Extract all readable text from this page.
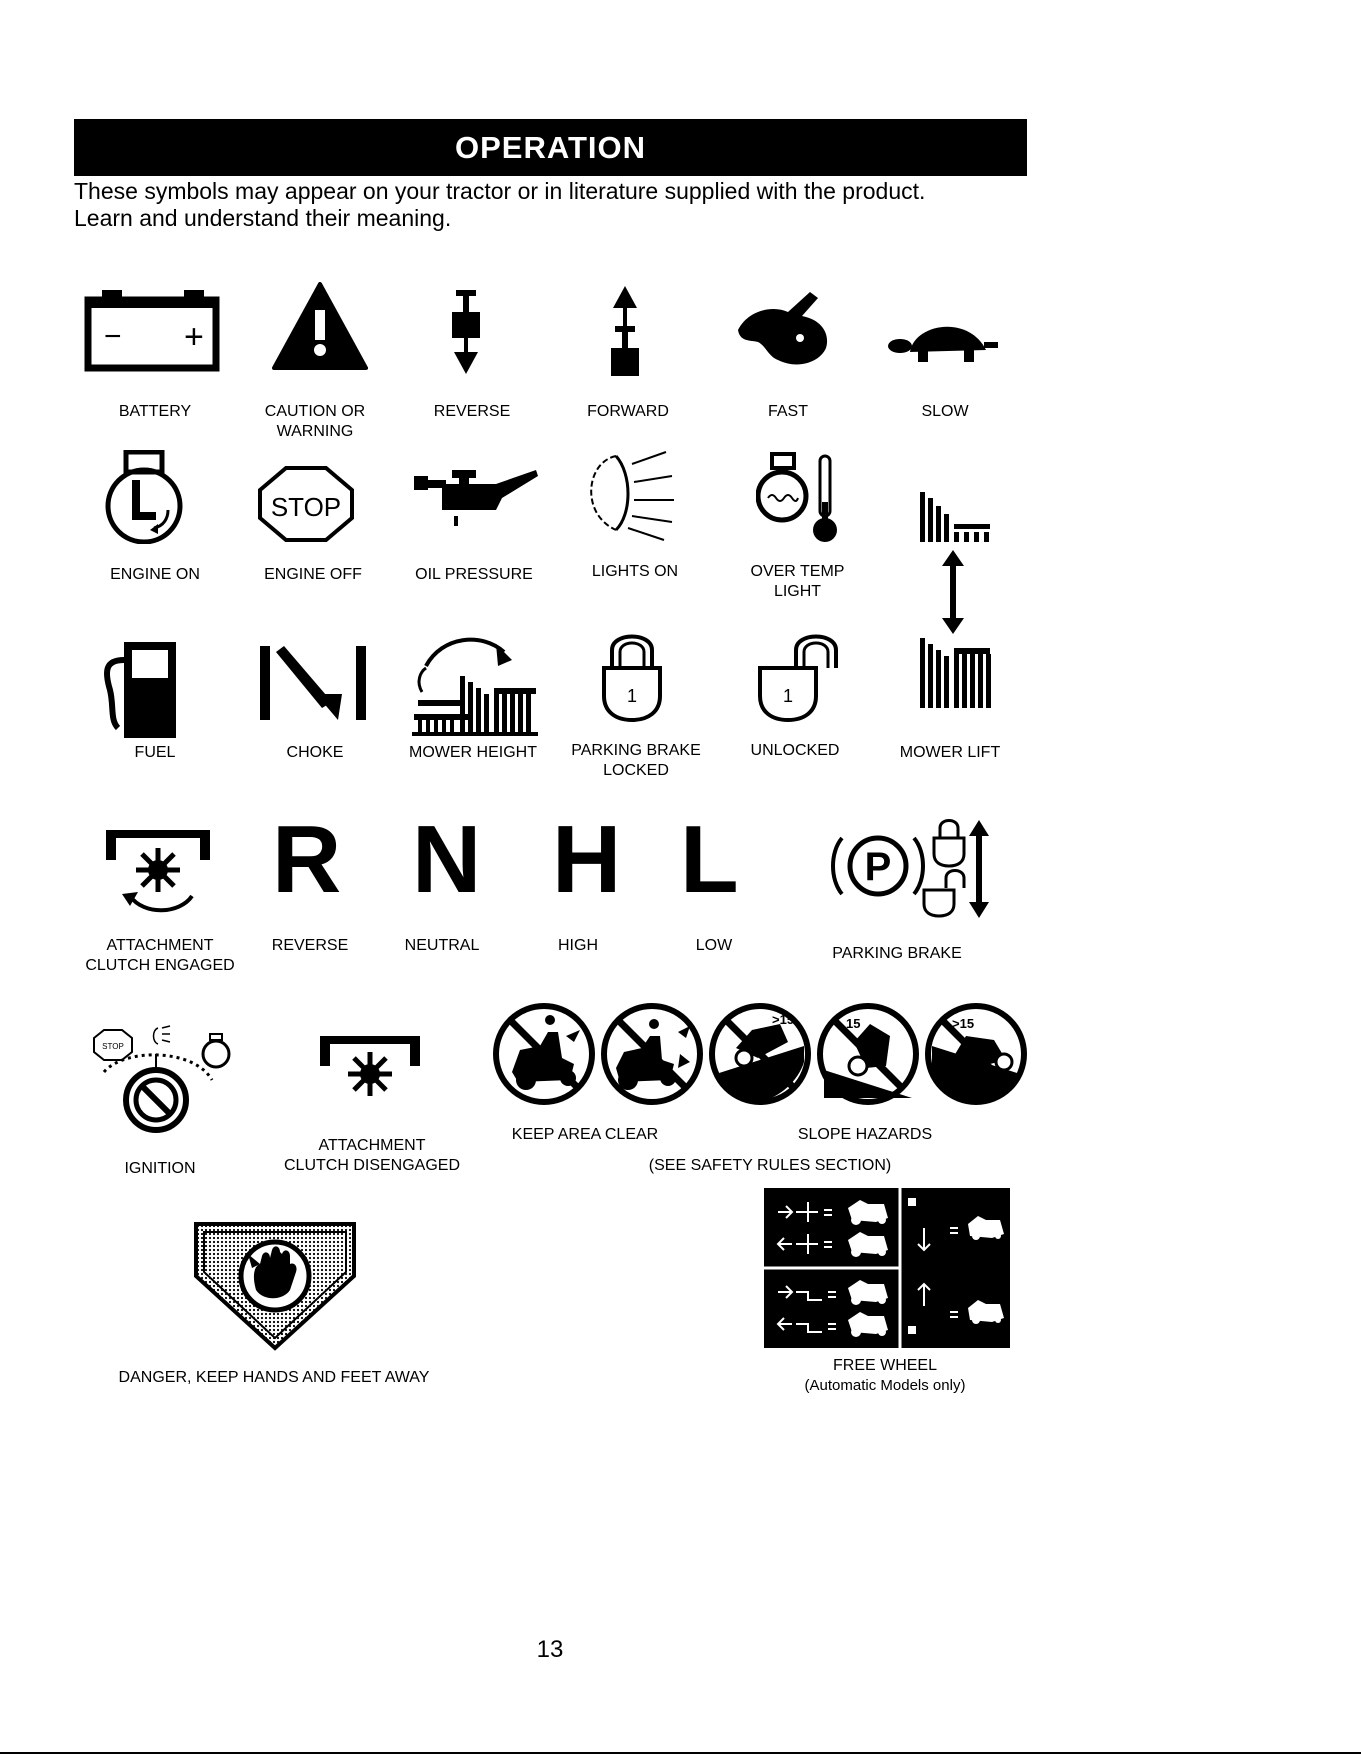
OPERATION
These symbols may appear on your tractor or in literature supplied with the product.
Learn and understand their meaning.
− +
BATTERY	CAUTION OR
WARNING
REVERSE	FORWARD	FAST	SLOW
STOP
ENGINE ON	ENGINE OFF	OIL PRESSURE	LIGHTS ON	OVER TEMP
LIGHT
1	1
FUEL	CHOKE	MOWER HEIGHT	PARKING BRAKE
LOCKED
UNLOCKED	MOWER LIFT
R N H L	P
ATTACHMENT
CLUTCH ENGAGED
REVERSE	NEUTRAL	HIGH	LOW	PARKING BRAKE
STOP
>15	15	>15
KEEP AREA CLEAR	SLOPE HAZARDS
ATTACHMENT
CLUTCH DISENGAGED	(SEE SAFETY RULES SECTION)
IGNITION
DANGER, KEEP HANDS AND FEET AWAY
FREE WHEEL
(Automatic Models only)
13
